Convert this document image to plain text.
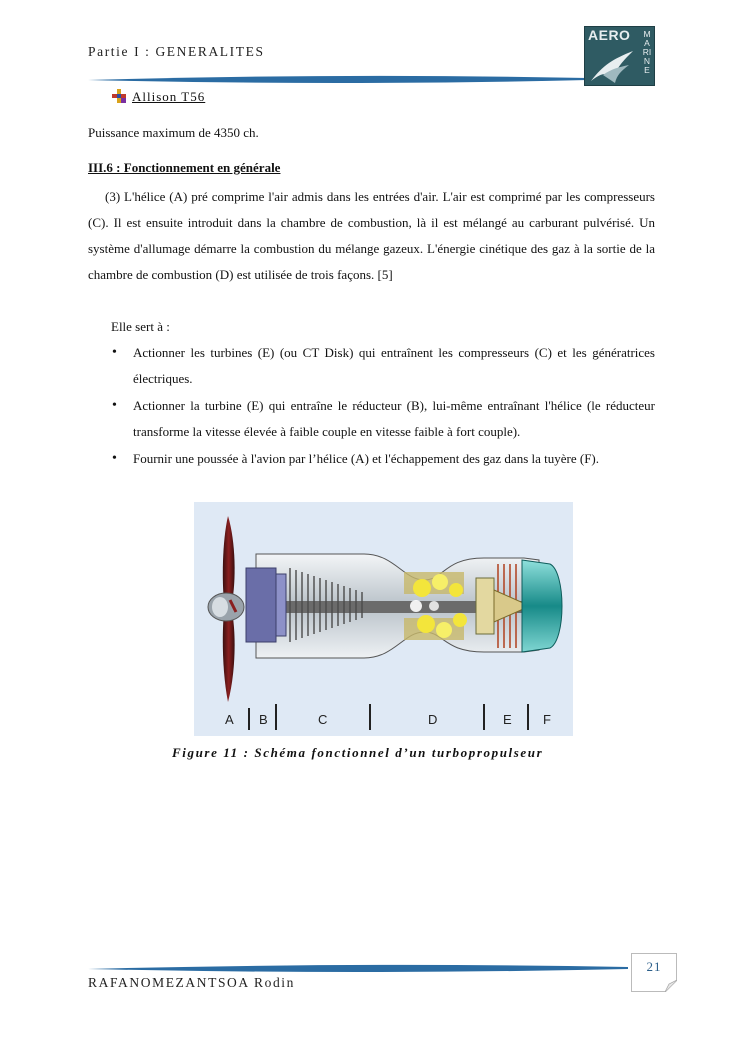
Partie I : GENERALITES
AERO MARINE
Allison T56
Puissance maximum de 4350 ch.
III.6 : Fonctionnement en générale

(3) L'hélice (A) pré comprime l'air admis dans les entrées d'air. L'air est comprimé par les compresseurs (C). Il est ensuite introduit dans la chambre de combustion, là il est mélangé au carburant pulvérisé. Un système d'allumage démarre la combustion du mélange gazeux. L'énergie cinétique des gaz à la sortie de la chambre de combustion (D) est utilisée de trois façons. [5]

Elle sert à :
• Actionner les turbines (E) (ou CT Disk) qui entraînent les compresseurs (C) et les génératrices électriques.
• Actionner la turbine (E) qui entraîne le réducteur (B), lui-même entraînant l'hélice (le réducteur transforme la vitesse élevée à faible couple en vitesse faible à fort couple).
• Fournir une poussée à l'avion par l’hélice (A) et l'échappement des gaz dans la tuyère (F).
A B	C	D	E F
Figure 11 : Schéma fonctionnel d’un turbopropulseur
RAFANOMEZANTSOA Rodin
21
